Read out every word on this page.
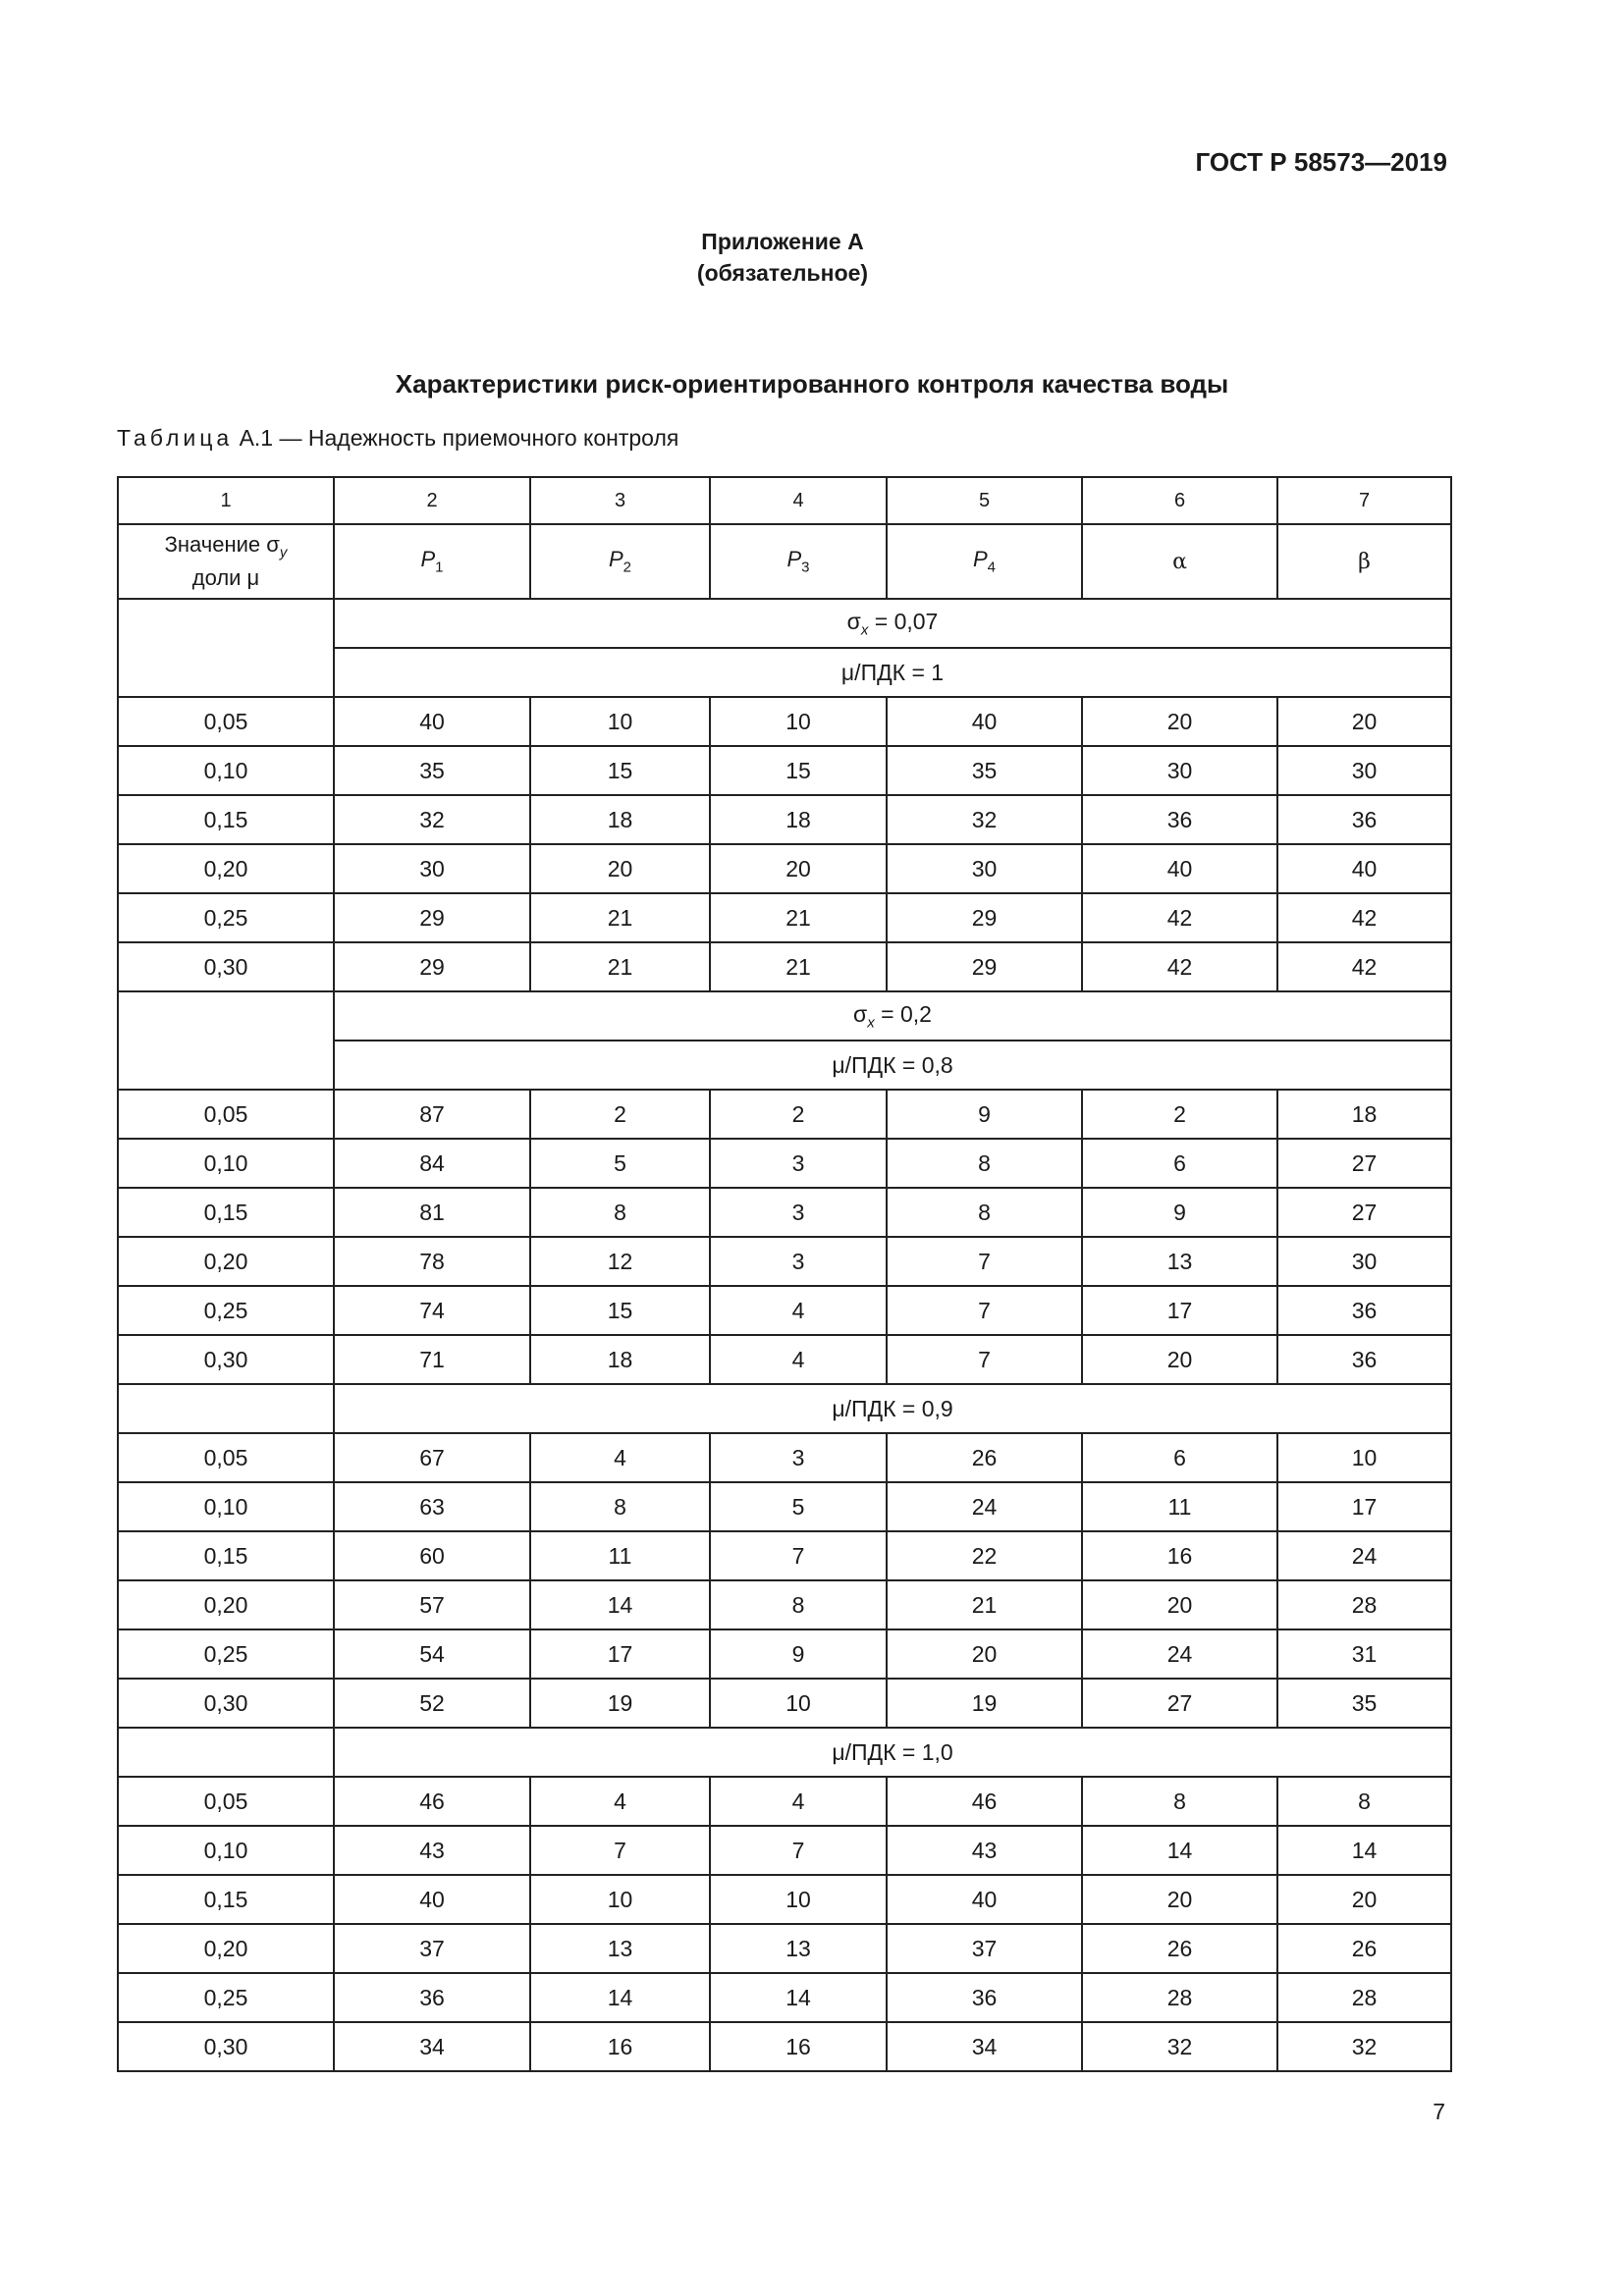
ГОСТ Р 58573—2019
Приложение А
(обязательное)
Характеристики риск-ориентированного контроля качества воды
Таблица А.1 — Надежность приемочного контроля
1	2	3	4	5	6	7
Значение $\sigma_y$
доли μ	$P_1$	$P_2$	$P_3$	$P_4$	α	β
	$\sigma_x = 0,07$					
	μ/ПДК = 1					
0,05	40	10	10	40	20	20
0,10	35	15	15	35	30	30
0,15	32	18	18	32	36	36
0,20	30	20	20	30	40	40
0,25	29	21	21	29	42	42
0,30	29	21	21	29	42	42
	$\sigma_x = 0,2$					
	μ/ПДК = 0,8					
0,05	87	2	2	9	2	18
0,10	84	5	3	8	6	27
0,15	81	8	3	8	9	27
0,20	78	12	3	7	13	30
0,25	74	15	4	7	17	36
0,30	71	18	4	7	20	36
	μ/ПДК = 0,9					
0,05	67	4	3	26	6	10
0,10	63	8	5	24	11	17
0,15	60	11	7	22	16	24
0,20	57	14	8	21	20	28
0,25	54	17	9	20	24	31
0,30	52	19	10	19	27	35
	μ/ПДК = 1,0					
0,05	46	4	4	46	8	8
0,10	43	7	7	43	14	14
0,15	40	10	10	40	20	20
0,20	37	13	13	37	26	26
0,25	36	14	14	36	28	28
0,30	34	16	16	34	32	32
7
